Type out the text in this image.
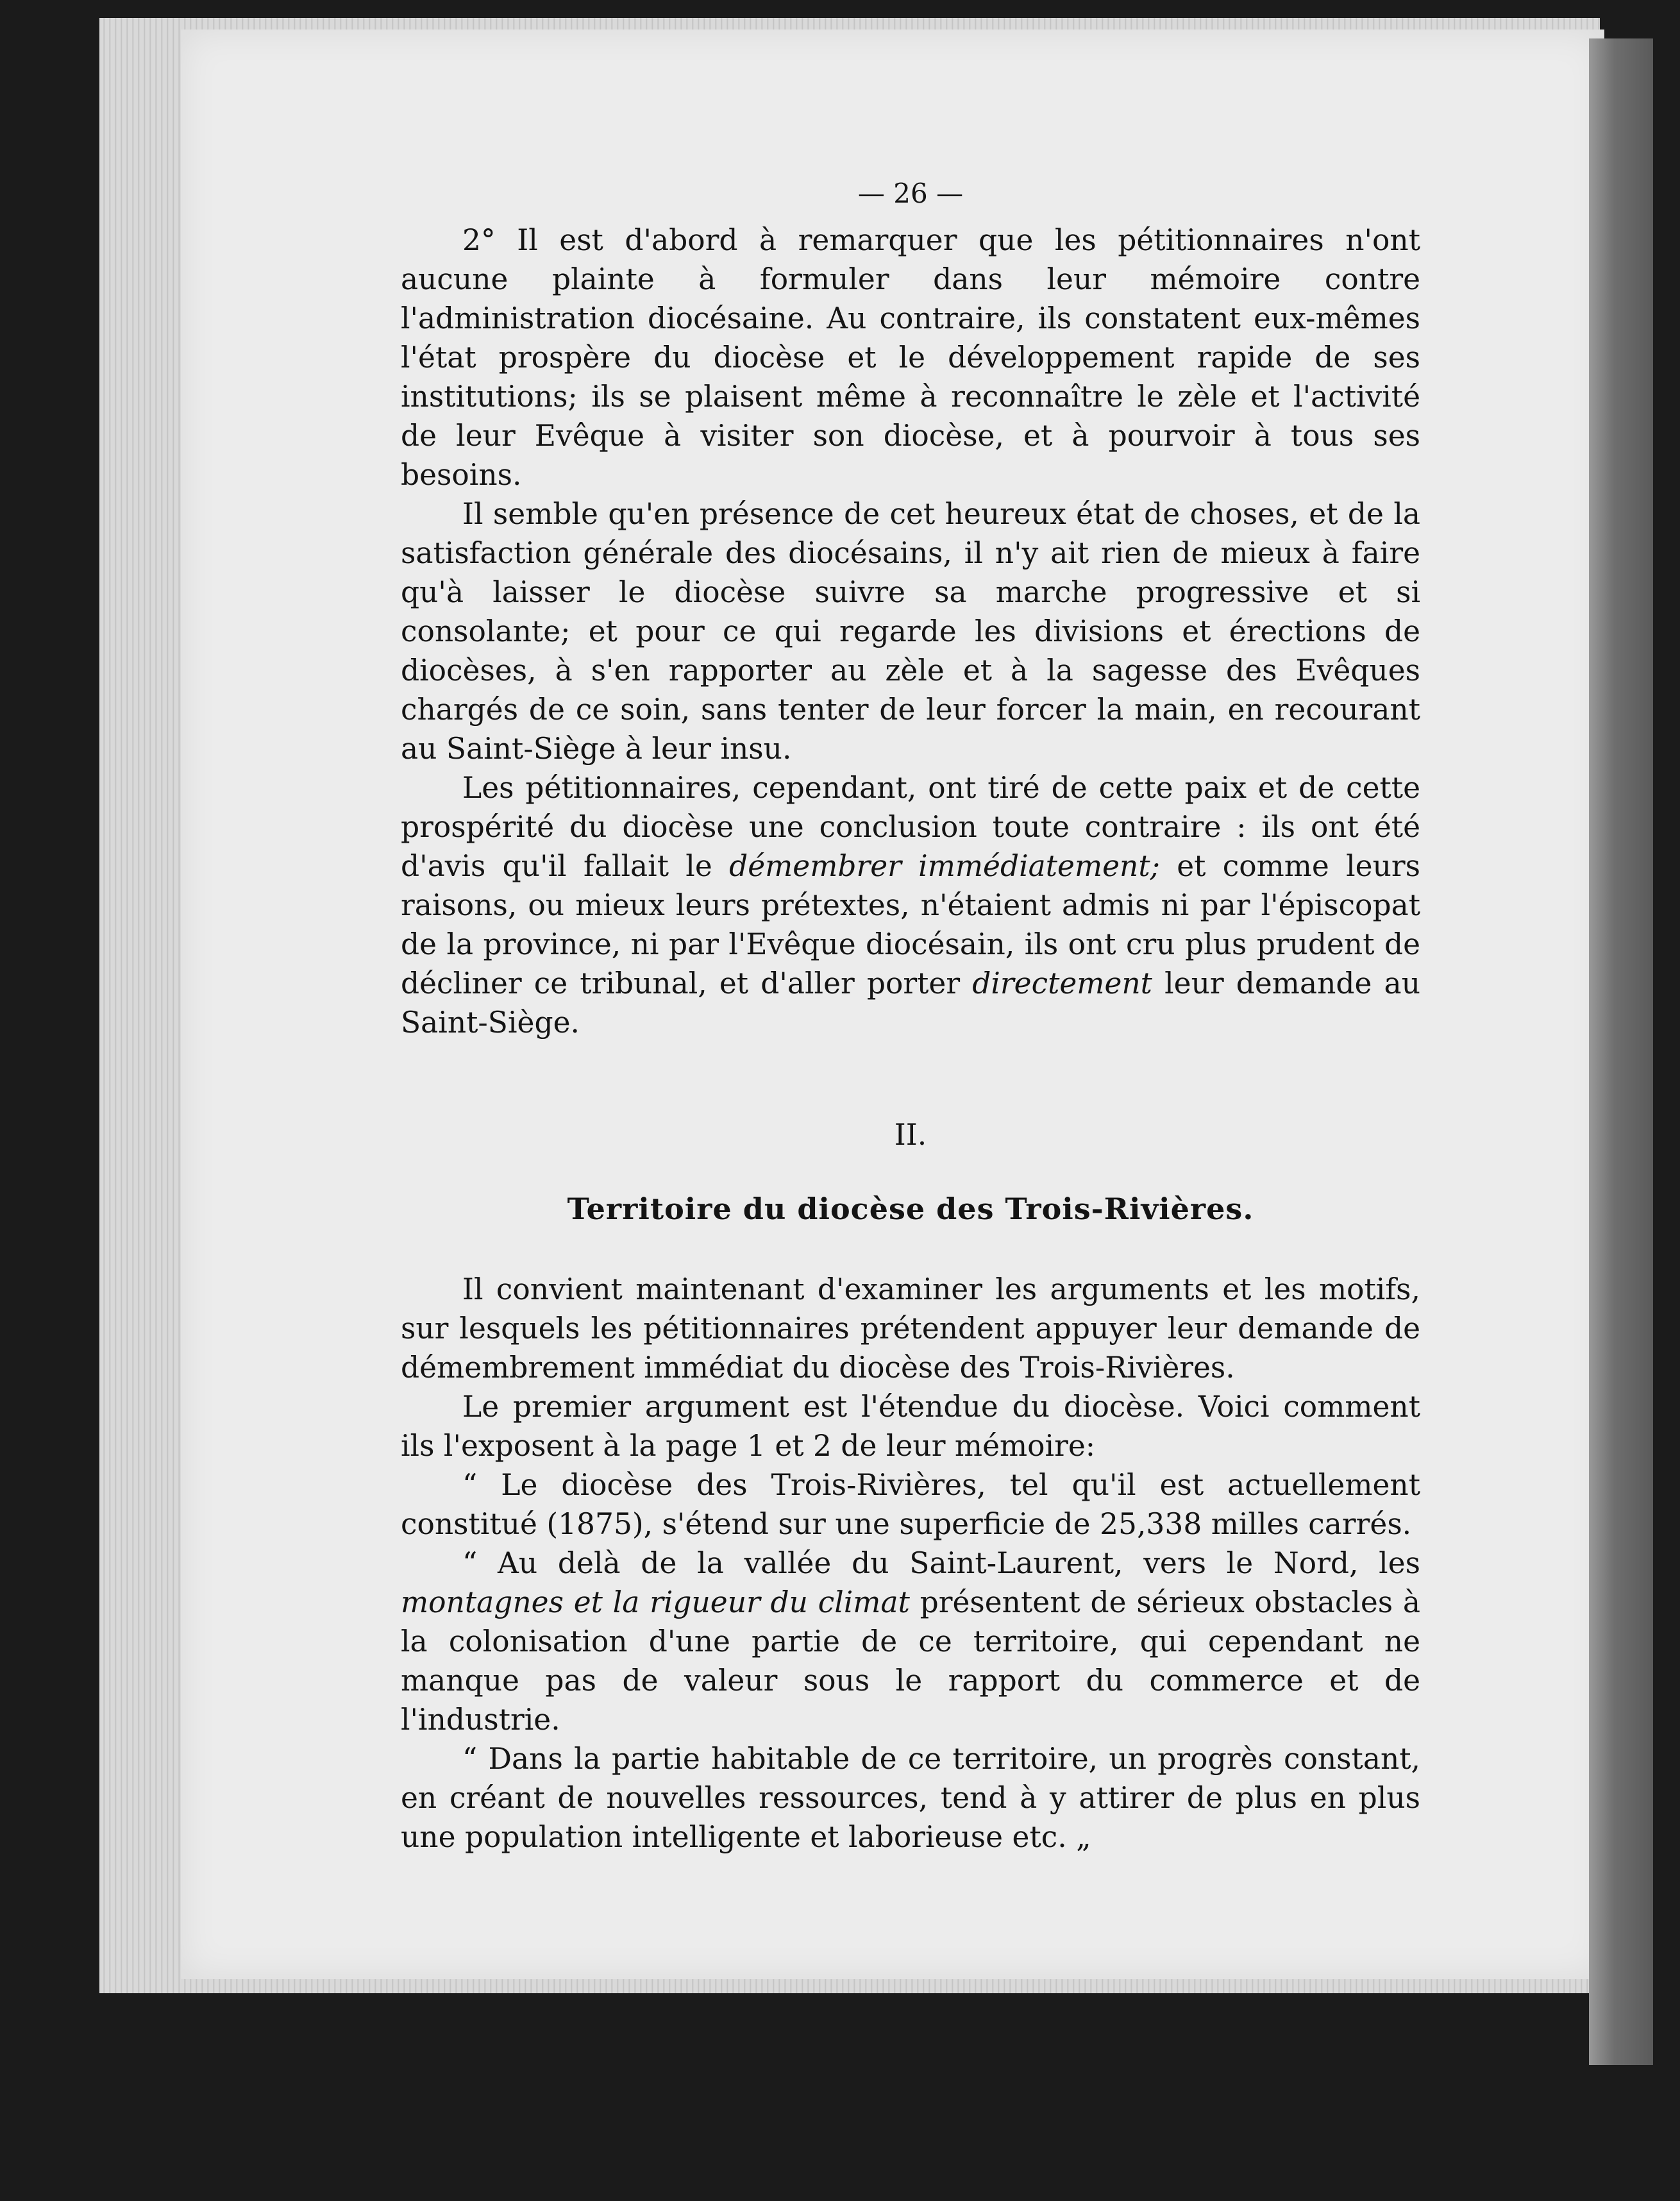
— 26 —

2° Il est d'abord à remarquer que les pétitionnaires n'ont aucune plainte à formuler dans leur mémoire contre l'administration diocésaine. Au contraire, ils constatent eux-mêmes l'état prospère du diocèse et le développement rapide de ses institutions; ils se plaisent même à reconnaître le zèle et l'activité de leur Evêque à visiter son diocèse, et à pourvoir à tous ses besoins.

Il semble qu'en présence de cet heureux état de choses, et de la satisfaction générale des diocésains, il n'y ait rien de mieux à faire qu'à laisser le diocèse suivre sa marche progressive et si consolante; et pour ce qui regarde les divisions et érections de diocèses, à s'en rapporter au zèle et à la sagesse des Evêques chargés de ce soin, sans tenter de leur forcer la main, en recourant au Saint-Siège à leur insu.

Les pétitionnaires, cependant, ont tiré de cette paix et de cette prospérité du diocèse une conclusion toute contraire : ils ont été d'avis qu'il fallait le démembrer immédiatement; et comme leurs raisons, ou mieux leurs prétextes, n'étaient admis ni par l'épiscopat de la province, ni par l'Evêque diocésain, ils ont cru plus prudent de décliner ce tribunal, et d'aller porter directement leur demande au Saint-Siège.

II.
Territoire du diocèse des Trois-Rivières.

Il convient maintenant d'examiner les arguments et les motifs, sur lesquels les pétitionnaires prétendent appuyer leur demande de démembrement immédiat du diocèse des Trois-Rivières.

Le premier argument est l'étendue du diocèse. Voici comment ils l'exposent à la page 1 et 2 de leur mémoire:

“ Le diocèse des Trois-Rivières, tel qu'il est actuellement constitué (1875), s'étend sur une superficie de 25,338 milles carrés.

“ Au delà de la vallée du Saint-Laurent, vers le Nord, les montagnes et la rigueur du climat présentent de sérieux obstacles à la colonisation d'une partie de ce territoire, qui cependant ne manque pas de valeur sous le rapport du commerce et de l'industrie.

“ Dans la partie habitable de ce territoire, un progrès constant, en créant de nouvelles ressources, tend à y attirer de plus en plus une population intelligente et laborieuse etc. „
